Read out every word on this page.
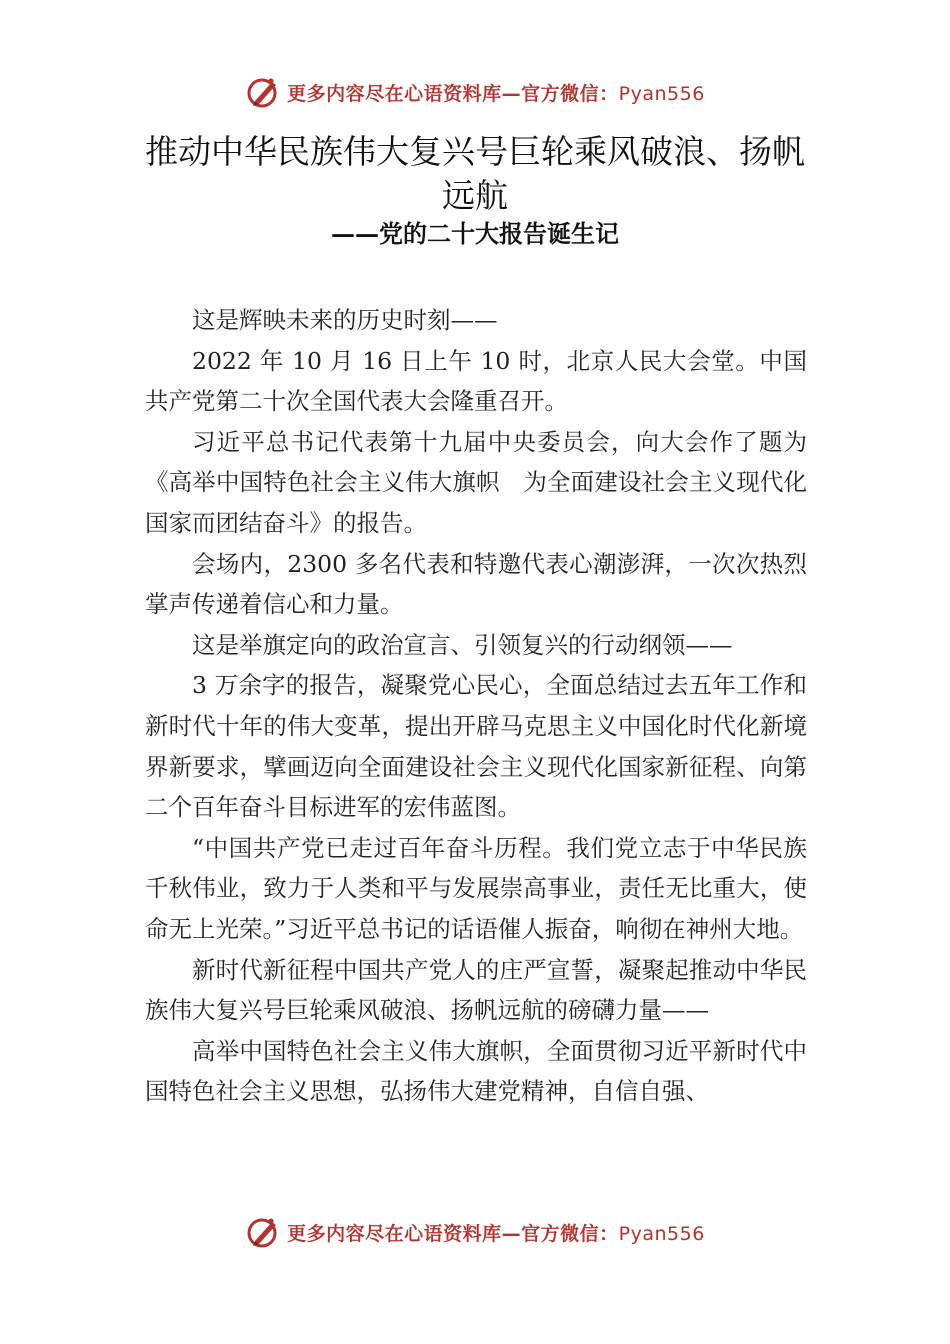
更多内容尽在心语资料库—官方微信：Pyan556
推动中华民族伟大复兴号巨轮乘风破浪、扬帆远航
——党的二十大报告诞生记

这是辉映未来的历史时刻——

2022 年 10 月 16 日上午 10 时，北京人民大会堂。中国共产党第二十次全国代表大会隆重召开。

习近平总书记代表第十九届中央委员会，向大会作了题为《高举中国特色社会主义伟大旗帜　为全面建设社会主义现代化国家而团结奋斗》的报告。

会场内，2300 多名代表和特邀代表心潮澎湃，一次次热烈掌声传递着信心和力量。

这是举旗定向的政治宣言、引领复兴的行动纲领——

3 万余字的报告，凝聚党心民心，全面总结过去五年工作和新时代十年的伟大变革，提出开辟马克思主义中国化时代化新境界新要求，擘画迈向全面建设社会主义现代化国家新征程、向第二个百年奋斗目标进军的宏伟蓝图。

“中国共产党已走过百年奋斗历程。我们党立志于中华民族千秋伟业，致力于人类和平与发展崇高事业，责任无比重大，使命无上光荣。”习近平总书记的话语催人振奋，响彻在神州大地。

新时代新征程中国共产党人的庄严宣誓，凝聚起推动中华民族伟大复兴号巨轮乘风破浪、扬帆远航的磅礴力量——

高举中国特色社会主义伟大旗帜，全面贯彻习近平新时代中国特色社会主义思想，弘扬伟大建党精神，自信自强、

更多内容尽在心语资料库—官方微信：Pyan556
